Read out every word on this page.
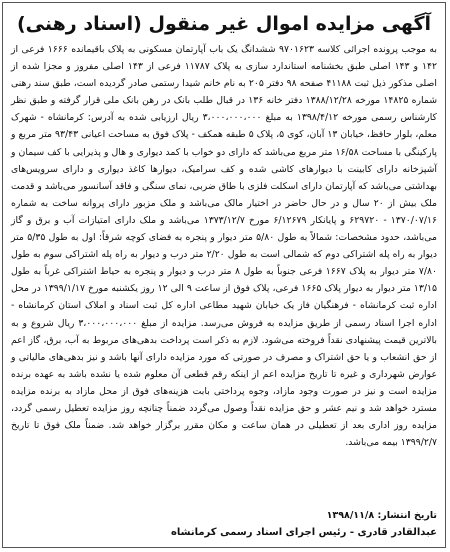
آگهی مزایده اموال غیر منقول (اسناد رهنی)
به موجب پرونده اجرائی کلاسه ۹۷۰۱۶۲۳ ششدانگ یک باب آپارتمان مسکونی به پلاک باقیمانده ۱۶۶۶ فرعی از ۱۴۲ و ۱۴۳ اصلی طبق بخشنامه استاندارد سازی به پلاک ۱۱۷۸۷ فرعی از ۱۴۳ اصلی مفروز و مجزا شده از اصلی مذکور ذیل ثبت ۴۱۱۸۸ صفحه ۹۸ دفتر ۲۰۵ به نام خانم شیدا رستمی صادر گردیده است، طبق سند رهنی شماره ۱۴۸۲۵ مورخه ۱۳۸۸/۱۲/۲۸ دفتر خانه ۱۳۶ در قبال طلب بانک در رهن بانک ملی قرار گرفته و طبق نظر کارشناس رسمی مورخه ۱۳۹۸/۴/۱۲ به مبلغ ۳،۰۰۰،۰۰۰،۰۰۰ ریال ارزیابی شده به آدرس: کرمانشاه - شهرک معلم، بلوار حافظ، خیابان ۱۳ آبان، کوی ۵، پلاک ۵ طبقه همکف - پلاک فوق به مساحت اعیانی ۹۳/۴۳ متر مربع و پارکینگی با مساحت ۱۶/۵۸ متر مربع می‌باشد که دارای دو خواب با کمد دیواری و هال و پذیرایی با کف سیمان و آشپزخانه دارای کابینت با دیوارهای کاشی شده و کف سرامیک، دیوارها کاغذ دیواری و دارای سرویس‌های بهداشتی می‌باشد که آپارتمان دارای اسکلت فلزی با طاق ضربی، نمای سنگی و فاقد آسانسور می‌باشد و قدمت ملک بیش از ۲۰ سال و در حال حاضر در اختیار مالک می‌باشد و ملک مزبور دارای پروانه ساخت به شماره ۱۳۷۰/۰۷/۱۶ - ۶۲۹۷۲۰ و پایانکار ۶/۱۲۶۷۹ مورخ ۱۳۷۳/۱۲/۷ می‌باشد و ملک دارای امتیازات آب و برق و گاز می‌باشد، حدود مشخصات: شمالاً به طول ۵/۸۰ متر دیوار و پنجره به فضای کوچه شرقاً: اول به طول ۵/۳۵ متر دیوار به راه پله اشتراکی دوم که شمالی است به طول ۲/۲۰ متر درب و دیوار به راه پله اشتراکی سوم به طول ۷/۸۰ متر دیوار به پلاک ۱۶۶۷ فرعی جنوباً به طول ۸ متر درب و دیوار و پنجره به حیاط اشتراکی غرباً به طول ۱۳/۱۵ متر دیوار به دیوار پلاک ۱۶۶۵ فرعی، پلاک فوق از ساعت ۹ الی ۱۲ روز یکشنبه مورخ ۱۳۹۹/۱/۱۷ در محل اداره ثبت کرمانشاه - فرهنگیان فاز یک خیابان شهید مطاعی اداره کل ثبت اسناد و املاک استان کرمانشاه - اداره اجرا اسناد رسمی از طریق مزایده به فروش می‌رسد. مزایده از مبلغ ۳،۰۰۰،۰۰۰،۰۰۰ ریال شروع و به بالاترین قیمت پیشنهادی نقداً فروخته می‌شود. لازم به ذکر است پرداخت بدهی‌های مربوط به آب، برق، گاز اعم از حق انشعاب و یا حق اشتراک و مصرف در صورتی که مورد مزایده دارای آنها باشد و نیز بدهی‌های مالیاتی و عوارض شهرداری و غیره تا تاریخ مزایده اعم از اینکه رقم قطعی آن معلوم شده یا نشده باشد به عهده برنده مزایده است و نیز در صورت وجود مازاد، وجوه پرداختی بابت هزینه‌های فوق از محل مازاد به برنده مزایده مسترد خواهد شد و نیم عشر و حق مزایده نقداً وصول می‌گردد ضمناً چنانچه روز مزایده تعطیل رسمی گردد، مزایده روز اداری بعد از تعطیلی در همان ساعت و مکان مقرر برگزار خواهد شد. ضمناً ملک فوق تا تاریخ ۱۳۹۹/۲/۷ بیمه می‌باشد.
تاریخ انتشار: ۱۳۹۸/۱۱/۸
عبدالقادر قادری - رئیس اجرای اسناد رسمی کرمانشاه
